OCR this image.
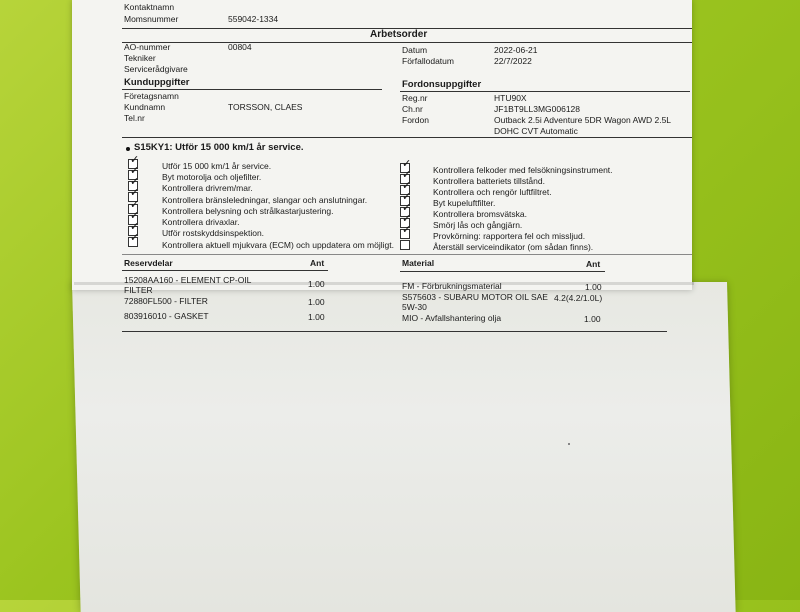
Kontaktnamn
Momsnummer	559042-1334
Arbetsorder
AO-nummer	00804
Tekniker
Servicerådgivare
Datum	2022-06-21
Förfallodatum	22/7/2022
Kunduppgifter
Företagsnamn
Kundnamn	TORSSON, CLAES
Tel.nr
Fordonsuppgifter
Reg.nr	HTU90X
Ch.nr	JF1BT9LL3MG006128
Fordon	Outback 2.5i Adventure 5DR Wagon AWD 2.5L
DOHC CVT Automatic
S15KY1: Utför 15 000 km/1 år service.
✓
Utför 15 000 km/1 år service.
✓
Byt motorolja och oljefilter.
✓
Kontrollera drivrem/mar.
✓
Kontrollera bränsleledningar, slangar och anslutningar.
✓
Kontrollera belysning och strålkastarjustering.
✓
Kontrollera drivaxlar.
✓
Utför rostskyddsinspektion.
✓
Kontrollera aktuell mjukvara (ECM) och uppdatera om möjligt.
✓
Kontrollera felkoder med felsökningsinstrument.
✓
Kontrollera batteriets tillstånd.
✓
Kontrollera och rengör luftfiltret.
✓
Byt kupeluftfilter.
✓
Kontrollera bromsvätska.
✓
Smörj lås och gångjärn.
✓
Provkörning: rapportera fel och misslјud.
Återställ serviceindikator (om sådan finns).
Reservdelar	Ant	Material	Ant
15208AA160 - ELEMENT CP-OIL
FILTER
1.00
72880FL500 - FILTER	1.00
803916010 - GASKET	1.00
FM - Förbrukningsmaterial	1.00
S575603 - SUBARU MOTOR OIL SAE
5W-30
4.2(4.2/1.0L)
MIO - Avfallshantering olja	1.00
